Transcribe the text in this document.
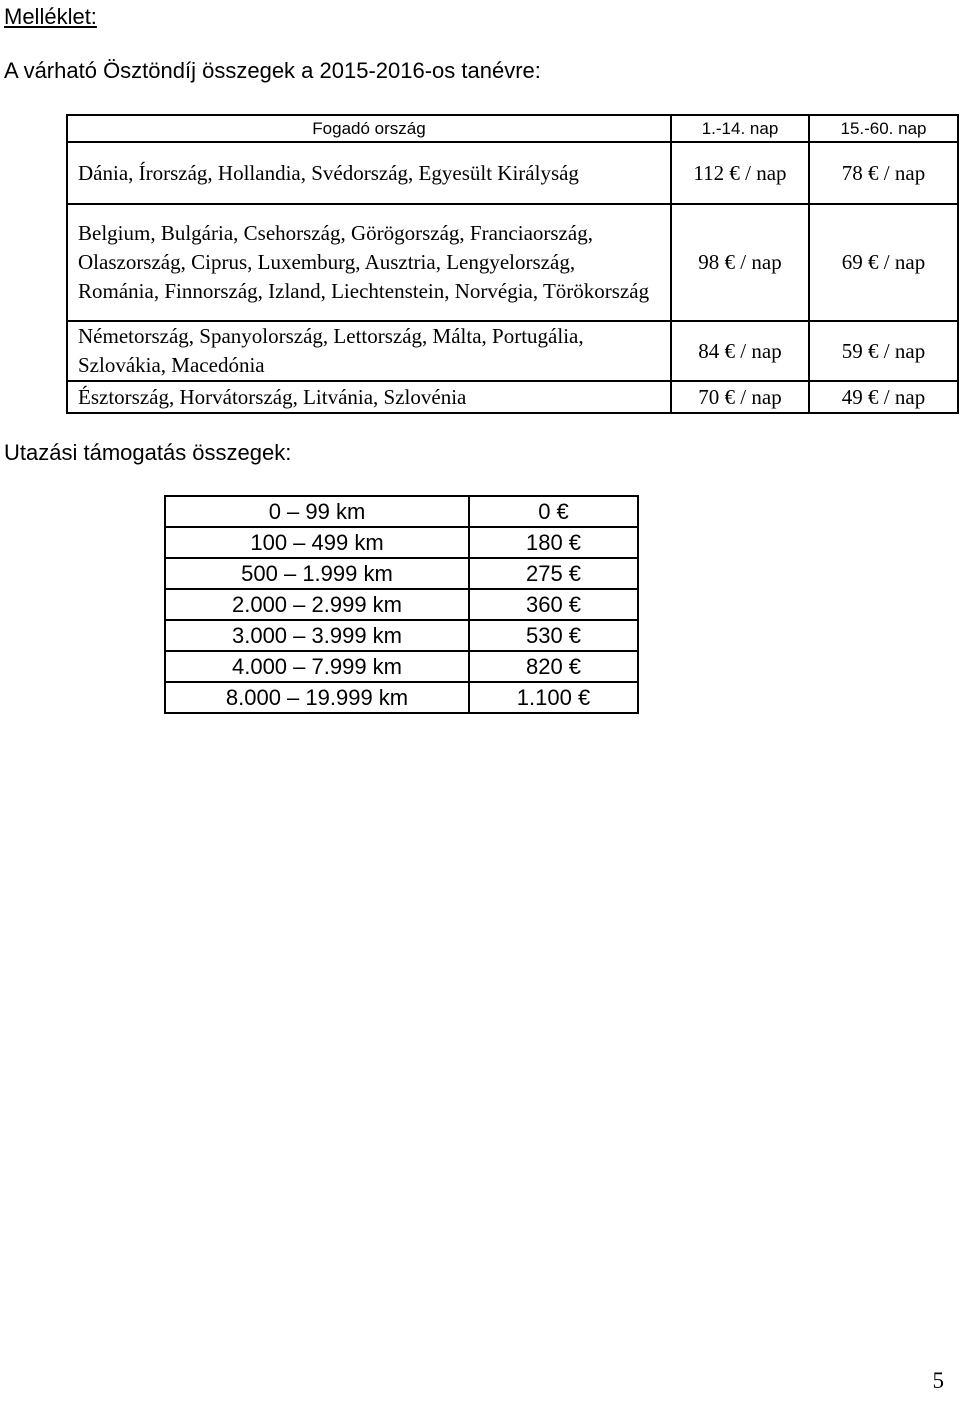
Melléklet:
A várható Ösztöndíj összegek a 2015-2016-os tanévre:
Fogadó ország	1.-14. nap	15.-60. nap
Dánia, Írország, Hollandia, Svédország, Egyesült Királyság	112 € / nap	78 € / nap
Belgium, Bulgária, Csehország, Görögország, Franciaország, Olaszország, Ciprus, Luxemburg, Ausztria, Lengyelország, Románia, Finnország, Izland, Liechtenstein, Norvégia, Törökország	98 € / nap	69 € / nap
Németország, Spanyolország, Lettország, Málta, Portugália, Szlovákia, Macedónia	84 € / nap	59 € / nap
Észtország, Horvátország, Litvánia, Szlovénia	70 € / nap	49 € / nap
Utazási támogatás összegek:
0 – 99 km	0 €
100 – 499 km	180 €
500 – 1.999 km	275 €
2.000 – 2.999 km	360 €
3.000 – 3.999 km	530 €
4.000 – 7.999 km	820 €
8.000 – 19.999 km	1.100 €
5
